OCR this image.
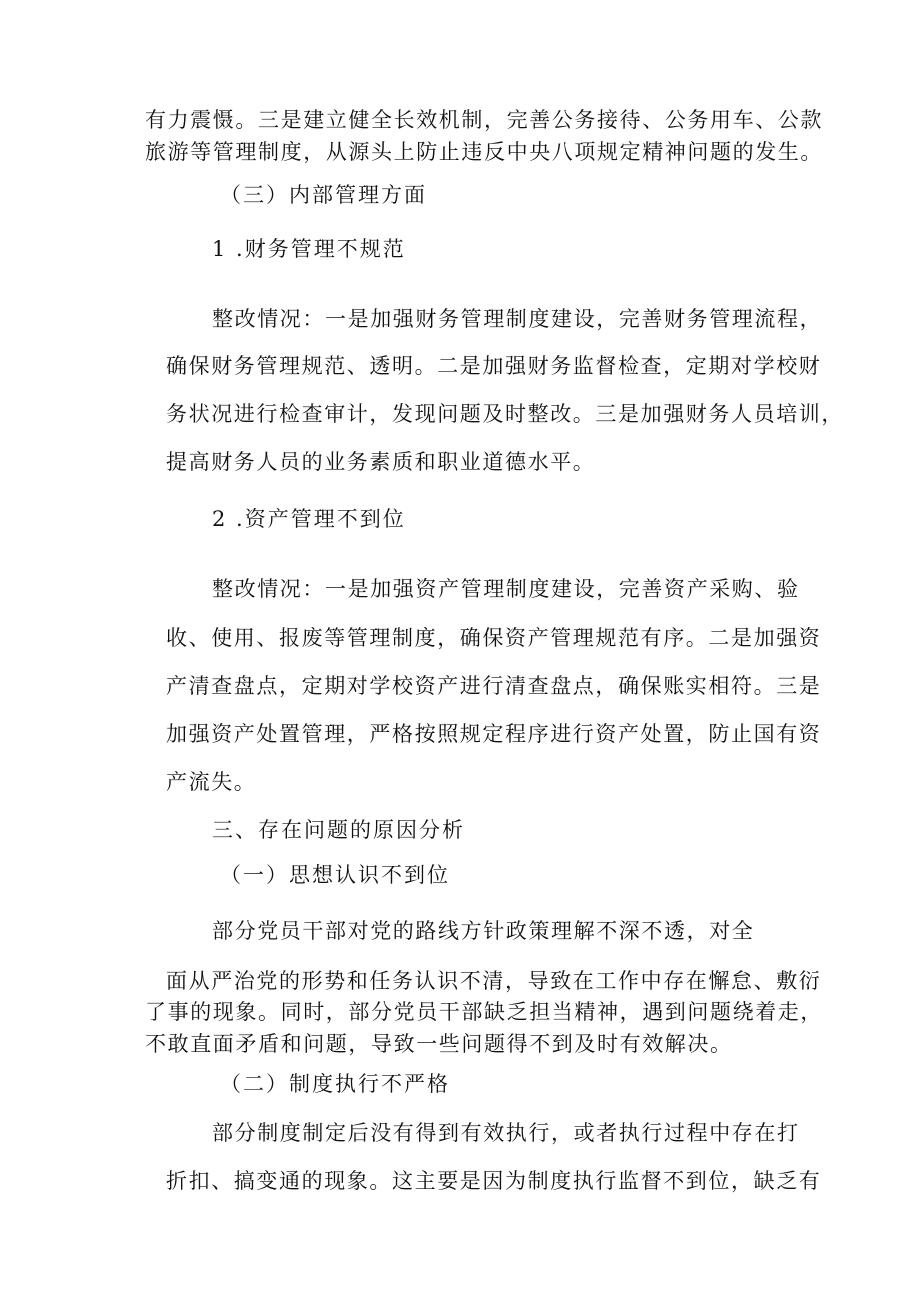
有力震慑。三是建立健全长效机制，完善公务接待、公务用车、公款
旅游等管理制度，从源头上防止违反中央八项规定精神问题的发生。
（三）内部管理方面
1 .财务管理不规范
整改情况：一是加强财务管理制度建设，完善财务管理流程，
确保财务管理规范、透明。二是加强财务监督检查，定期对学校财
务状况进行检查审计，发现问题及时整改。三是加强财务人员培训，
提高财务人员的业务素质和职业道德水平。
2 .资产管理不到位
整改情况：一是加强资产管理制度建设，完善资产采购、验
收、使用、报废等管理制度，确保资产管理规范有序。二是加强资
产清查盘点，定期对学校资产进行清查盘点，确保账实相符。三是
加强资产处置管理，严格按照规定程序进行资产处置，防止国有资
产流失。
三、存在问题的原因分析
（一）思想认识不到位
部分党员干部对党的路线方针政策理解不深不透，对全
面从严治党的形势和任务认识不清，导致在工作中存在懈怠、敷衍
了事的现象。同时，部分党员干部缺乏担当精神，遇到问题绕着走，
不敢直面矛盾和问题，导致一些问题得不到及时有效解决。
（二）制度执行不严格
部分制度制定后没有得到有效执行，或者执行过程中存在打
折扣、搞变通的现象。这主要是因为制度执行监督不到位，缺乏有
